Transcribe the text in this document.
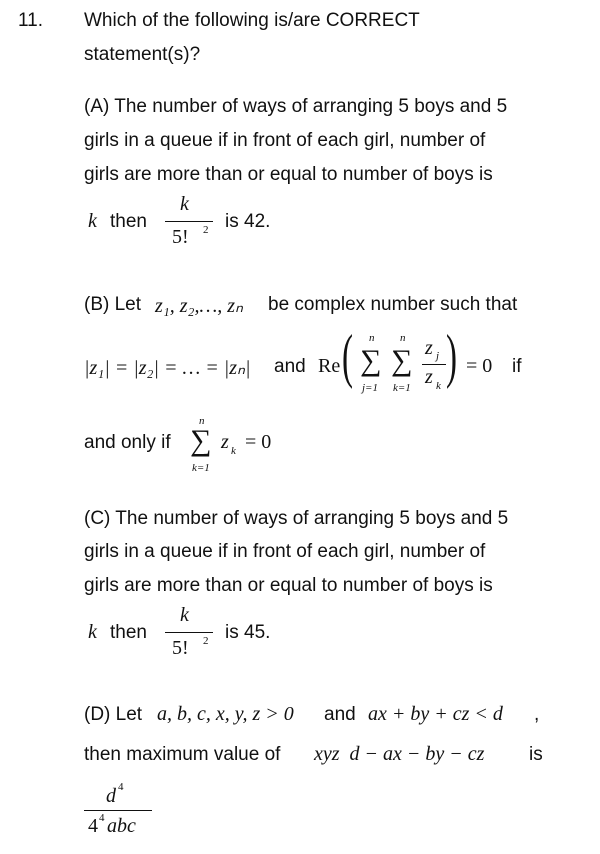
11. Which of the following is/are CORRECT
statement(s)?
(A) The number of ways of arranging 5 boys and 5
girls in a queue if in front of each girl, number of
girls are more than or equal to number of boys is
k then
k
5! 2 is 42.
(B) Let z₁, z₂,…, zₙ be complex number such that
|z₁| = |z₂| = … = |zₙ| and Re ( n
∑
j=1
n
∑
k=1
z j
z k ) = 0 if
and only if
n
∑
k=1
z k = 0
(C) The number of ways of arranging 5 boys and 5
girls in a queue if in front of each girl, number of
girls are more than or equal to number of boys is
k then
k
5! 2 is 45.
(D) Let a, b, c, x, y, z > 0 and ax + by + cz < d ,
then maximum value of xyz  d − ax − by − cz is
d 4
4 4 abc
